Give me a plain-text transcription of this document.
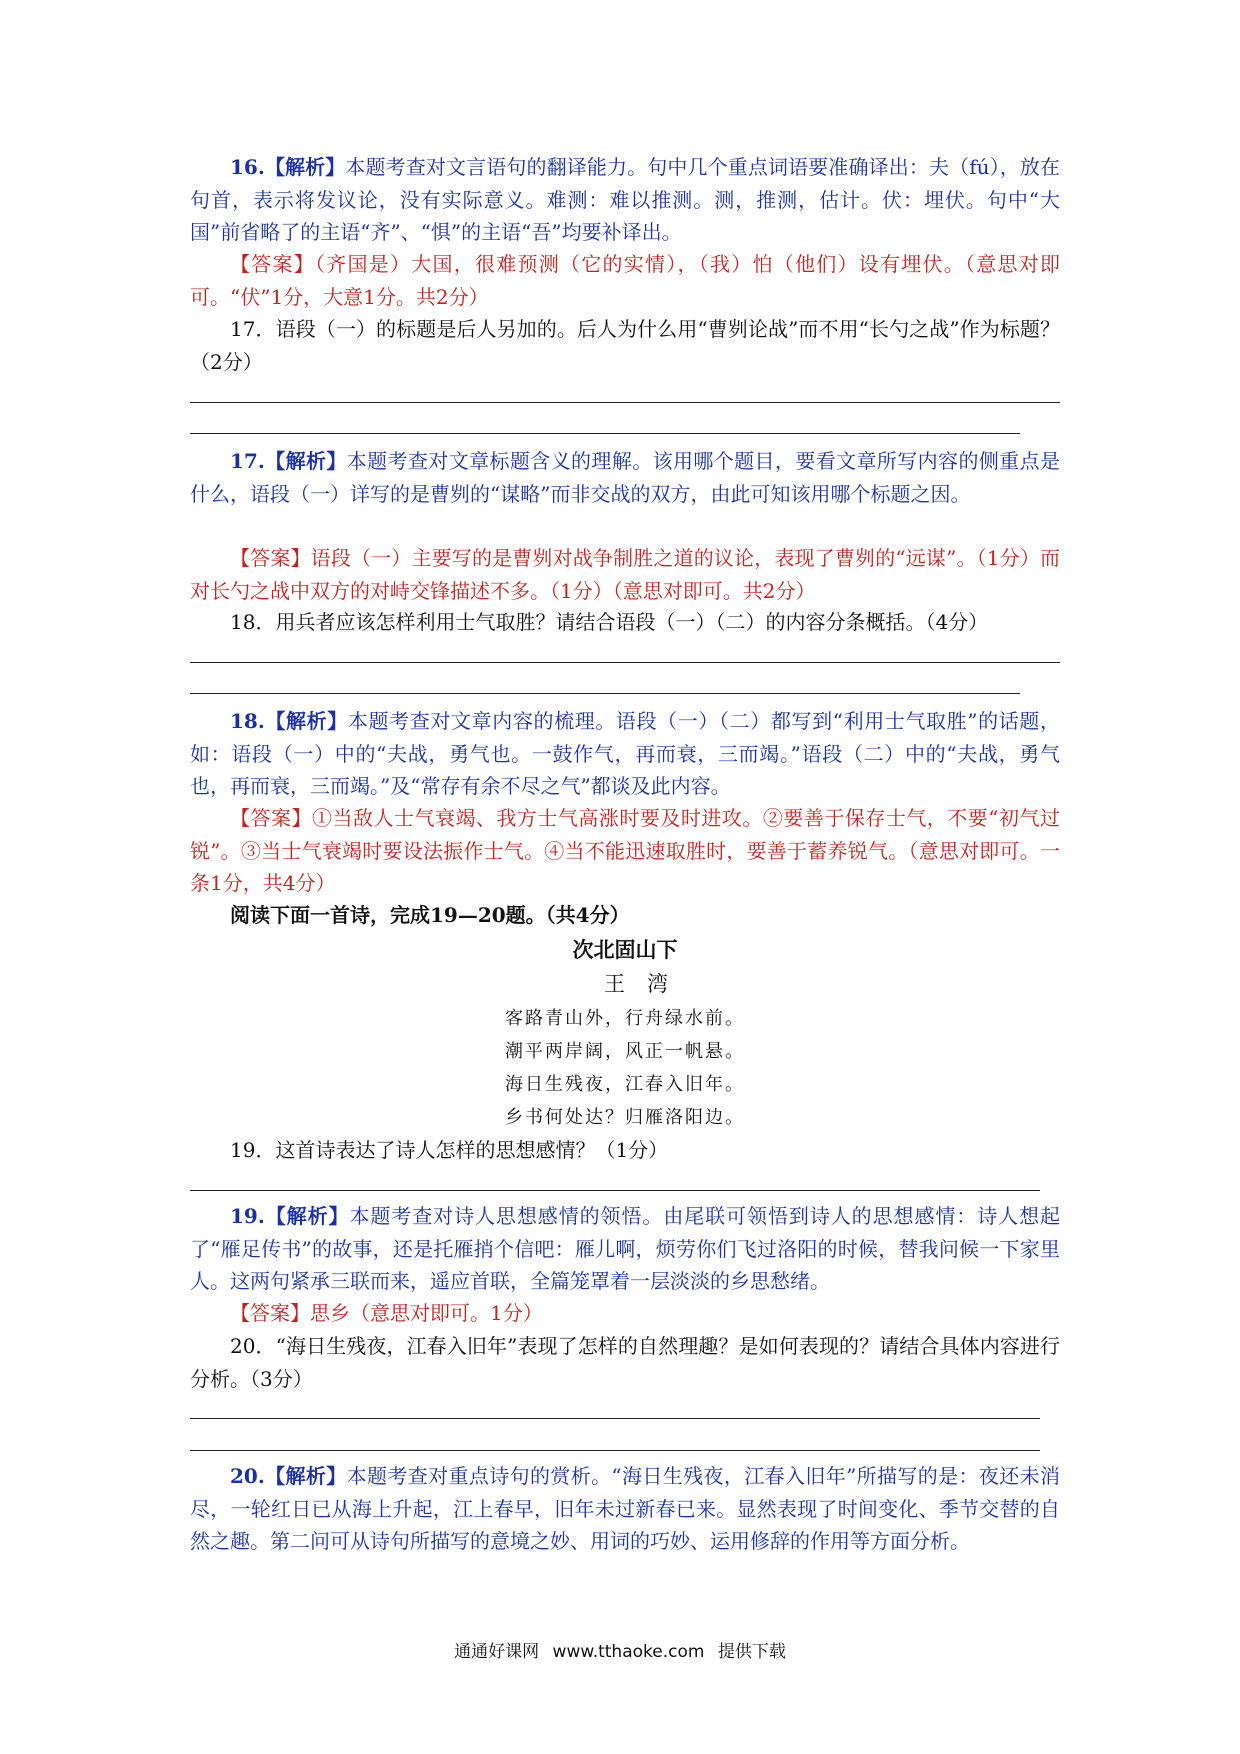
16.【解析】本题考查对文言语句的翻译能力。句中几个重点词语要准确译出：夫（fú），放在句首，表示将发议论，没有实际意义。难测：难以推测。测，推测，估计。伏：埋伏。句中“大国”前省略了的主语“齐”、“惧”的主语“吾”均要补译出。

【答案】（齐国是）大国，很难预测（它的实情），（我）怕（他们）设有埋伏。（意思对即可。“伏”1分，大意1分。共2分）

17．语段（一）的标题是后人另加的。后人为什么用“曹刿论战”而不用“长勺之战”作为标题？（2分）

17.【解析】本题考查对文章标题含义的理解。该用哪个题目，要看文章所写内容的侧重点是什么，语段（一）详写的是曹刿的“谋略”而非交战的双方，由此可知该用哪个标题之因。

【答案】语段（一）主要写的是曹刿对战争制胜之道的议论，表现了曹刿的“远谋”。（1分）而对长勺之战中双方的对峙交锋描述不多。（1分）（意思对即可。共2分）

18．用兵者应该怎样利用士气取胜？请结合语段（一）（二）的内容分条概括。（4分）

18.【解析】本题考查对文章内容的梳理。语段（一）（二）都写到“利用士气取胜”的话题，如：语段（一）中的“夫战，勇气也。一鼓作气，再而衰，三而竭。”语段（二）中的“夫战，勇气也，再而衰，三而竭。”及“常存有余不尽之气”都谈及此内容。

【答案】①当敌人士气衰竭、我方士气高涨时要及时进攻。②要善于保存士气，不要“初气过锐”。③当士气衰竭时要设法振作士气。④当不能迅速取胜时，要善于蓄养锐气。（意思对即可。一条1分，共4分）

阅读下面一首诗，完成19—20题。（共4分）

次北固山下

王湾

客路青山外，行舟绿水前。

潮平两岸阔，风正一帆悬。

海日生残夜，江春入旧年。

乡书何处达？归雁洛阳边。

19．这首诗表达了诗人怎样的思想感情？（1分）

19.【解析】本题考查对诗人思想感情的领悟。由尾联可领悟到诗人的思想感情：诗人想起了“雁足传书”的故事，还是托雁捎个信吧：雁儿啊，烦劳你们飞过洛阳的时候，替我问候一下家里人。这两句紧承三联而来，遥应首联，全篇笼罩着一层淡淡的乡思愁绪。

【答案】思乡（意思对即可。1分）

20．“海日生残夜，江春入旧年”表现了怎样的自然理趣？是如何表现的？请结合具体内容进行分析。（3分）

20.【解析】本题考查对重点诗句的赏析。“海日生残夜，江春入旧年”所描写的是：夜还未消尽，一轮红日已从海上升起，江上春早，旧年未过新春已来。显然表现了时间变化、季节交替的自然之趣。第二问可从诗句所描写的意境之妙、用词的巧妙、运用修辞的作用等方面分析。

通通好课网 www.tthaoke.com 提供下载
